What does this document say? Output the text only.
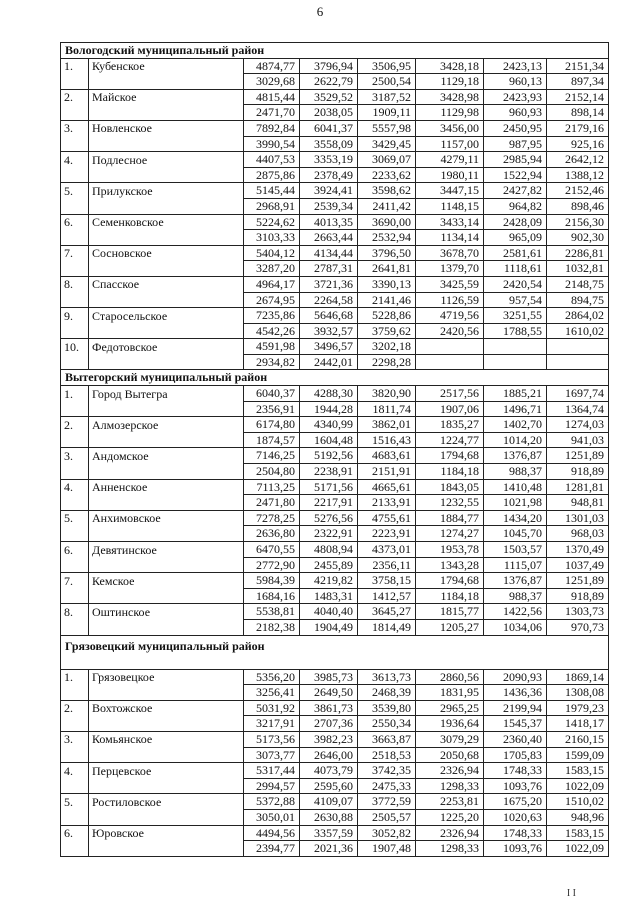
6
Вологодский муниципальный район							
1.	Кубенское	4874,77	3796,94	3506,95	3428,18	2423,13	2151,34
		3029,68	2622,79	2500,54	1129,18	960,13	897,34
2.	Майское	4815,44	3529,52	3187,52	3428,98	2423,93	2152,14
		2471,70	2038,05	1909,11	1129,98	960,93	898,14
3.	Новленское	7892,84	6041,37	5557,98	3456,00	2450,95	2179,16
		3990,54	3558,09	3429,45	1157,00	987,95	925,16
4.	Подлесное	4407,53	3353,19	3069,07	4279,11	2985,94	2642,12
		2875,86	2378,49	2233,62	1980,11	1522,94	1388,12
5.	Прилукское	5145,44	3924,41	3598,62	3447,15	2427,82	2152,46
		2968,91	2539,34	2411,42	1148,15	964,82	898,46
6.	Семенковское	5224,62	4013,35	3690,00	3433,14	2428,09	2156,30
		3103,33	2663,44	2532,94	1134,14	965,09	902,30
7.	Сосновское	5404,12	4134,44	3796,50	3678,70	2581,61	2286,81
		3287,20	2787,31	2641,81	1379,70	1118,61	1032,81
8.	Спасское	4964,17	3721,36	3390,13	3425,59	2420,54	2148,75
		2674,95	2264,58	2141,46	1126,59	957,54	894,75
9.	Старосельское	7235,86	5646,68	5228,86	4719,56	3251,55	2864,02
		4542,26	3932,57	3759,62	2420,56	1788,55	1610,02
10.	Федотовское	4591,98	3496,57	3202,18			
		2934,82	2442,01	2298,28			
Вытегорский муниципальный район							
1.	Город Вытегра	6040,37	4288,30	3820,90	2517,56	1885,21	1697,74
		2356,91	1944,28	1811,74	1907,06	1496,71	1364,74
2.	Алмозерское	6174,80	4340,99	3862,01	1835,27	1402,70	1274,03
		1874,57	1604,48	1516,43	1224,77	1014,20	941,03
3.	Андомское	7146,25	5192,56	4683,61	1794,68	1376,87	1251,89
		2504,80	2238,91	2151,91	1184,18	988,37	918,89
4.	Анненское	7113,25	5171,56	4665,61	1843,05	1410,48	1281,81
		2471,80	2217,91	2133,91	1232,55	1021,98	948,81
5.	Анхимовское	7278,25	5276,56	4755,61	1884,77	1434,20	1301,03
		2636,80	2322,91	2223,91	1274,27	1045,70	968,03
6.	Девятинское	6470,55	4808,94	4373,01	1953,78	1503,57	1370,49
		2772,90	2455,89	2356,11	1343,28	1115,07	1037,49
7.	Кемское	5984,39	4219,82	3758,15	1794,68	1376,87	1251,89
		1684,16	1483,31	1412,57	1184,18	988,37	918,89
8.	Оштинское	5538,81	4040,40	3645,27	1815,77	1422,56	1303,73
		2182,38	1904,49	1814,49	1205,27	1034,06	970,73
Грязовецкий муниципальный район							
1.	Грязовецкое	5356,20	3985,73	3613,73	2860,56	2090,93	1869,14
		3256,41	2649,50	2468,39	1831,95	1436,36	1308,08
2.	Вохтожское	5031,92	3861,73	3539,80	2965,25	2199,94	1979,23
		3217,91	2707,36	2550,34	1936,64	1545,37	1418,17
3.	Комьянское	5173,56	3982,23	3663,87	3079,29	2360,40	2160,15
		3073,77	2646,00	2518,53	2050,68	1705,83	1599,09
4.	Перцевское	5317,44	4073,79	3742,35	2326,94	1748,33	1583,15
		2994,57	2595,60	2475,33	1298,33	1093,76	1022,09
5.	Ростиловское	5372,88	4109,07	3772,59	2253,81	1675,20	1510,02
		3050,01	2630,88	2505,57	1225,20	1020,63	948,96
6.	Юровское	4494,56	3357,59	3052,82	2326,94	1748,33	1583,15
		2394,77	2021,36	1907,48	1298,33	1093,76	1022,09
I I
